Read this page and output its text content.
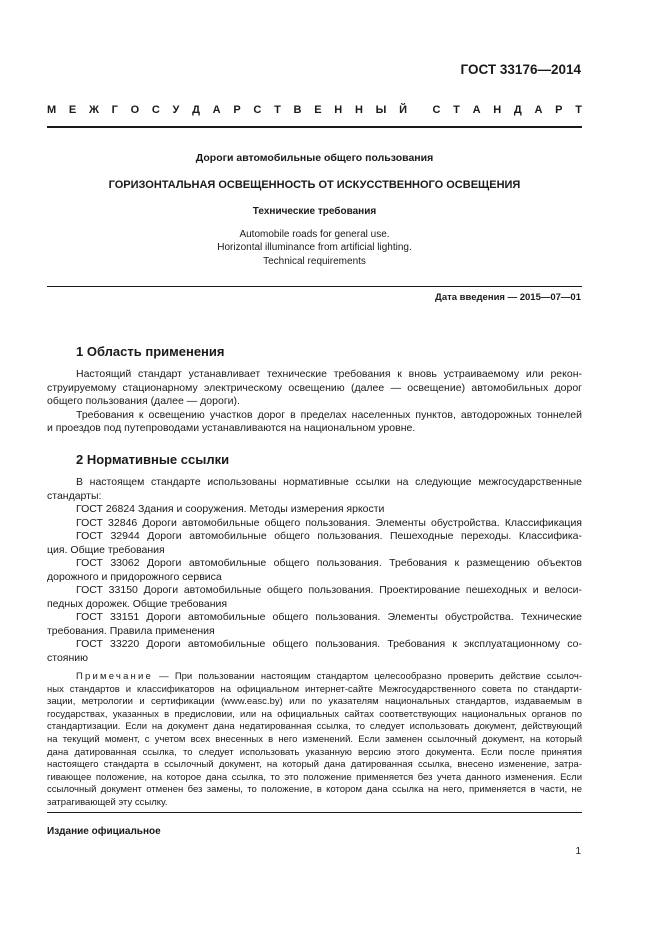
ГОСТ 33176—2014
М Е Ж Г О С У Д А Р С Т В Е Н Н Ы Й С Т А Н Д А Р Т
Дороги автомобильные общего пользования
ГОРИЗОНТАЛЬНАЯ ОСВЕЩЕННОСТЬ ОТ ИСКУССТВЕННОГО ОСВЕЩЕНИЯ
Технические требования
Automobile roads for general use.
Horizontal illuminance from artificial lighting.
Technical requirements
Дата введения — 2015—07—01
1 Область применения
Настоящий стандарт устанавливает технические требования к вновь устраиваемому или рекон-
струируемому стационарному электрическому освещению (далее — освещение) автомобильных дорог
общего пользования (далее — дороги).
Требования к освещению участков дорог в пределах населенных пунктов, автодорожных тоннелей
и проездов под путепроводами устанавливаются на национальном уровне.
2 Нормативные ссылки
В настоящем стандарте использованы нормативные ссылки на следующие межгосударственные
стандарты:
ГОСТ 26824 Здания и сооружения. Методы измерения яркости
ГОСТ 32846 Дороги автомобильные общего пользования. Элементы обустройства. Классификация
ГОСТ 32944 Дороги автомобильные общего пользования. Пешеходные переходы. Классифика-
ция. Общие требования
ГОСТ 33062 Дороги автомобильные общего пользования. Требования к размещению объектов
дорожного и придорожного сервиса
ГОСТ 33150 Дороги автомобильные общего пользования. Проектирование пешеходных и велоси-
педных дорожек. Общие требования
ГОСТ 33151 Дороги автомобильные общего пользования. Элементы обустройства. Технические
требования. Правила применения
ГОСТ 33220 Дороги автомобильные общего пользования. Требования к эксплуатационному со-
стоянию
Примечание — При пользовании настоящим стандартом целесообразно проверить действие ссылоч-
ных стандартов и классификаторов на официальном интернет-сайте Межгосударственного совета по стандарти-
зации, метрологии и сертификации (www.easc.by) или по указателям национальных стандартов, издаваемым в
государствах, указанных в предисловии, или на официальных сайтах соответствующих национальных органов по
стандартизации. Если на документ дана недатированная ссылка, то следует использовать документ, действующий
на текущий момент, с учетом всех внесенных в него изменений. Если заменен ссылочный документ, на который
дана датированная ссылка, то следует использовать указанную версию этого документа. Если после принятия
настоящего стандарта в ссылочный документ, на который дана датированная ссылка, внесено изменение, затра-
гивающее положение, на которое дана ссылка, то это положение применяется без учета данного изменения. Если
ссылочный документ отменен без замены, то положение, в котором дана ссылка на него, применяется в части, не
затрагивающей эту ссылку.
Издание официальное
1
